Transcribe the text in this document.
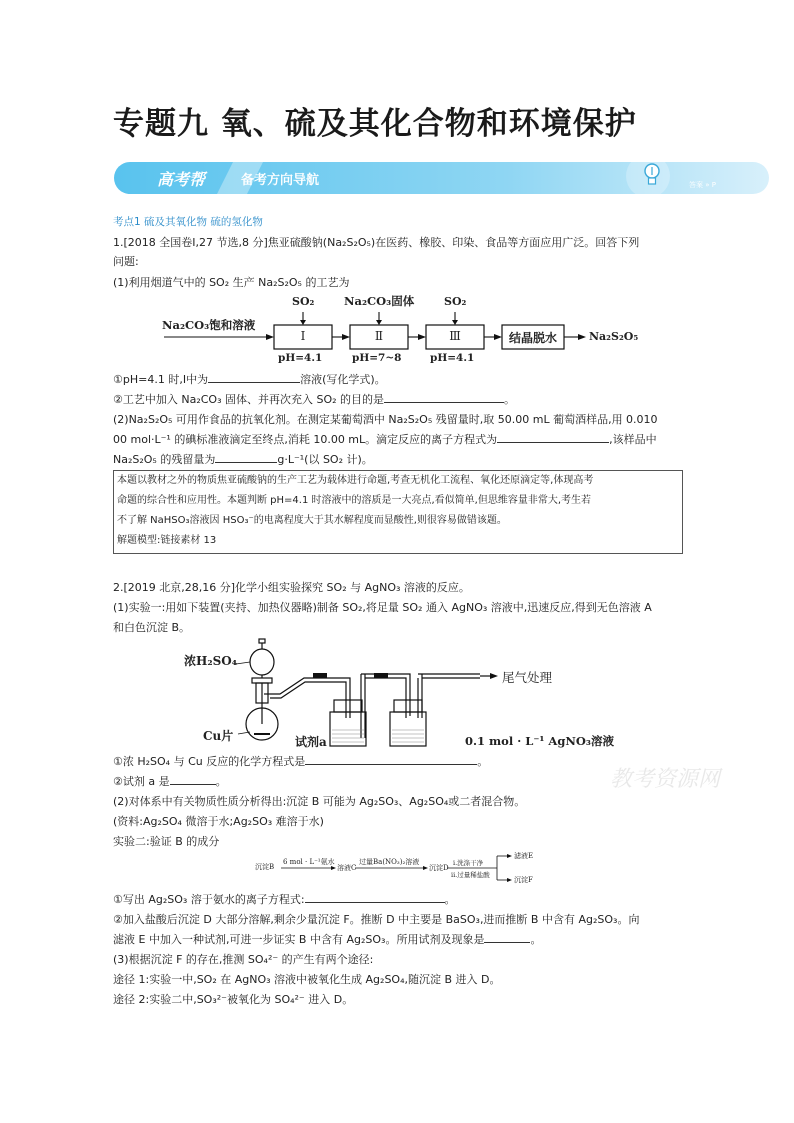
专题九 氧、硫及其化合物和环境保护
高考帮	备考方向导航	答案 » P
考点1 硫及其氧化物 硫的氢化物
1.[2018 全国卷Ⅰ,27 节选,8 分]焦亚硫酸钠(Na₂S₂O₅)在医药、橡胶、印染、食品等方面应用广泛。回答下列
问题:
(1)利用烟道气中的 SO₂ 生产 Na₂S₂O₅ 的工艺为
Na₂CO₃饱和溶液
Ⅰ	Ⅱ	Ⅲ	结晶脱水	Na₂S₂O₅
SO₂	Na₂CO₃固体	SO₂
pH=4.1	pH=7~8	pH=4.1
①pH=4.1 时,Ⅰ中为	溶液(写化学式)。
②工艺中加入 Na₂CO₃ 固体、并再次充入 SO₂ 的目的是	。
(2)Na₂S₂O₅ 可用作食品的抗氧化剂。在测定某葡萄酒中 Na₂S₂O₅ 残留量时,取 50.00 mL 葡萄酒样品,用 0.010
00 mol·L⁻¹ 的碘标准液滴定至终点,消耗 10.00 mL。滴定反应的离子方程式为	,该样品中
Na₂S₂O₅ 的残留量为	g·L⁻¹(以 SO₂ 计)。
本题以教材之外的物质焦亚硫酸钠的生产工艺为载体进行命题,考查无机化工流程、氧化还原滴定等,体现高考
命题的综合性和应用性。本题判断 pH=4.1 时溶液中的溶质是一大亮点,看似简单,但思维容量非常大,考生若
不了解 NaHSO₃溶液因 HSO₃⁻的电离程度大于其水解程度而显酸性,则很容易做错该题。
解题模型:链接素材 13
2.[2019 北京,28,16 分]化学小组实验探究 SO₂ 与 AgNO₃ 溶液的反应。
(1)实验一:用如下装置(夹持、加热仪器略)制备 SO₂,将足量 SO₂ 通入 AgNO₃ 溶液中,迅速反应,得到无色溶液 A
和白色沉淀 B。
浓H₂SO₄
Cu片	试剂a
尾气处理
0.1 mol · L⁻¹ AgNO₃溶液
①浓 H₂SO₄ 与 Cu 反应的化学方程式是	。
②试剂 a 是	。	教考资源网
(2)对体系中有关物质性质分析得出:沉淀 B 可能为 Ag₂SO₃、Ag₂SO₄或二者混合物。
(资料:Ag₂SO₄ 微溶于水;Ag₂SO₃ 难溶于水)
实验二:验证 B 的成分
沉淀B
6 mol · L⁻¹氨水
溶液C
过量Ba(NO₃)₂溶液
沉淀D
i.洗涤干净
ii.过量稀盐酸
滤液E
沉淀F
①写出 Ag₂SO₃ 溶于氨水的离子方程式:	。
②加入盐酸后沉淀 D 大部分溶解,剩余少量沉淀 F。推断 D 中主要是 BaSO₃,进而推断 B 中含有 Ag₂SO₃。向
滤液 E 中加入一种试剂,可进一步证实 B 中含有 Ag₂SO₃。所用试剂及现象是	。
(3)根据沉淀 F 的存在,推测 SO₄²⁻ 的产生有两个途径:
途径 1:实验一中,SO₂ 在 AgNO₃ 溶液中被氧化生成 Ag₂SO₄,随沉淀 B 进入 D。
途径 2:实验二中,SO₃²⁻被氧化为 SO₄²⁻ 进入 D。
